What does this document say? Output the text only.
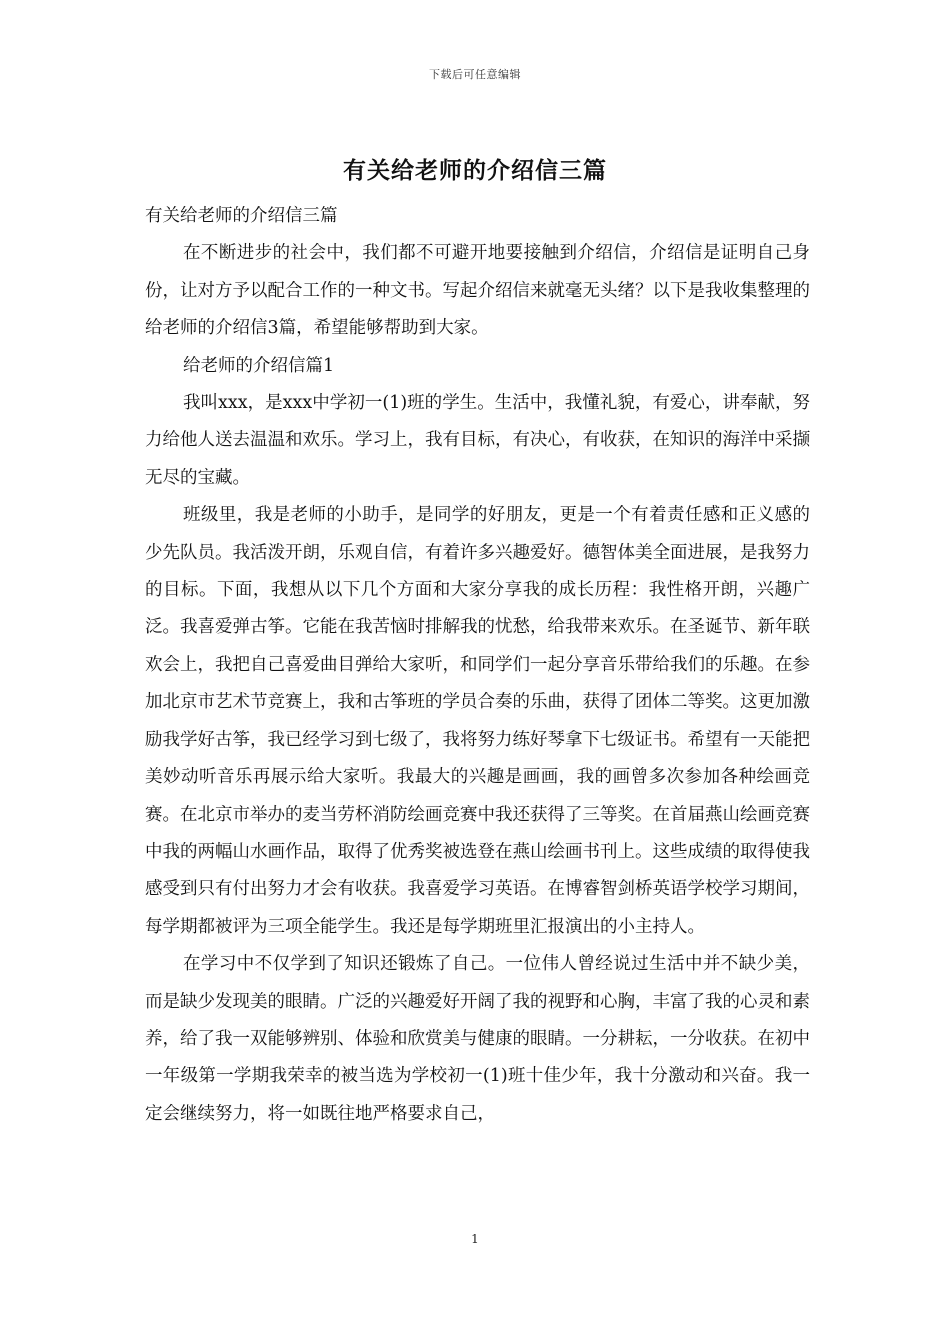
下载后可任意编辑
有关给老师的介绍信三篇

有关给老师的介绍信三篇

在不断进步的社会中，我们都不可避开地要接触到介绍信，介绍信是证明自己身份，让对方予以配合工作的一种文书。写起介绍信来就毫无头绪？以下是我收集整理的给老师的介绍信3篇，希望能够帮助到大家。

给老师的介绍信篇1

我叫xxx，是xxx中学初一(1)班的学生。生活中，我懂礼貌，有爱心，讲奉献，努力给他人送去温温和欢乐。学习上，我有目标，有决心，有收获，在知识的海洋中采撷无尽的宝藏。

班级里，我是老师的小助手，是同学的好朋友，更是一个有着责任感和正义感的少先队员。我活泼开朗，乐观自信，有着许多兴趣爱好。德智体美全面进展，是我努力的目标。下面，我想从以下几个方面和大家分享我的成长历程：我性格开朗，兴趣广泛。我喜爱弹古筝。它能在我苦恼时排解我的忧愁，给我带来欢乐。在圣诞节、新年联欢会上，我把自己喜爱曲目弹给大家听，和同学们一起分享音乐带给我们的乐趣。在参加北京市艺术节竞赛上，我和古筝班的学员合奏的乐曲，获得了团体二等奖。这更加激励我学好古筝，我已经学习到七级了，我将努力练好琴拿下七级证书。希望有一天能把美妙动听音乐再展示给大家听。我最大的兴趣是画画，我的画曾多次参加各种绘画竞赛。在北京市举办的麦当劳杯消防绘画竞赛中我还获得了三等奖。在首届燕山绘画竞赛中我的两幅山水画作品，取得了优秀奖被选登在燕山绘画书刊上。这些成绩的取得使我感受到只有付出努力才会有收获。我喜爱学习英语。在博睿智剑桥英语学校学习期间，每学期都被评为三项全能学生。我还是每学期班里汇报演出的小主持人。

在学习中不仅学到了知识还锻炼了自己。一位伟人曾经说过生活中并不缺少美，而是缺少发现美的眼睛。广泛的兴趣爱好开阔了我的视野和心胸，丰富了我的心灵和素养，给了我一双能够辨别、体验和欣赏美与健康的眼睛。一分耕耘，一分收获。在初中一年级第一学期我荣幸的被当选为学校初一(1)班十佳少年，我十分激动和兴奋。我一定会继续努力，将一如既往地严格要求自己，

1
